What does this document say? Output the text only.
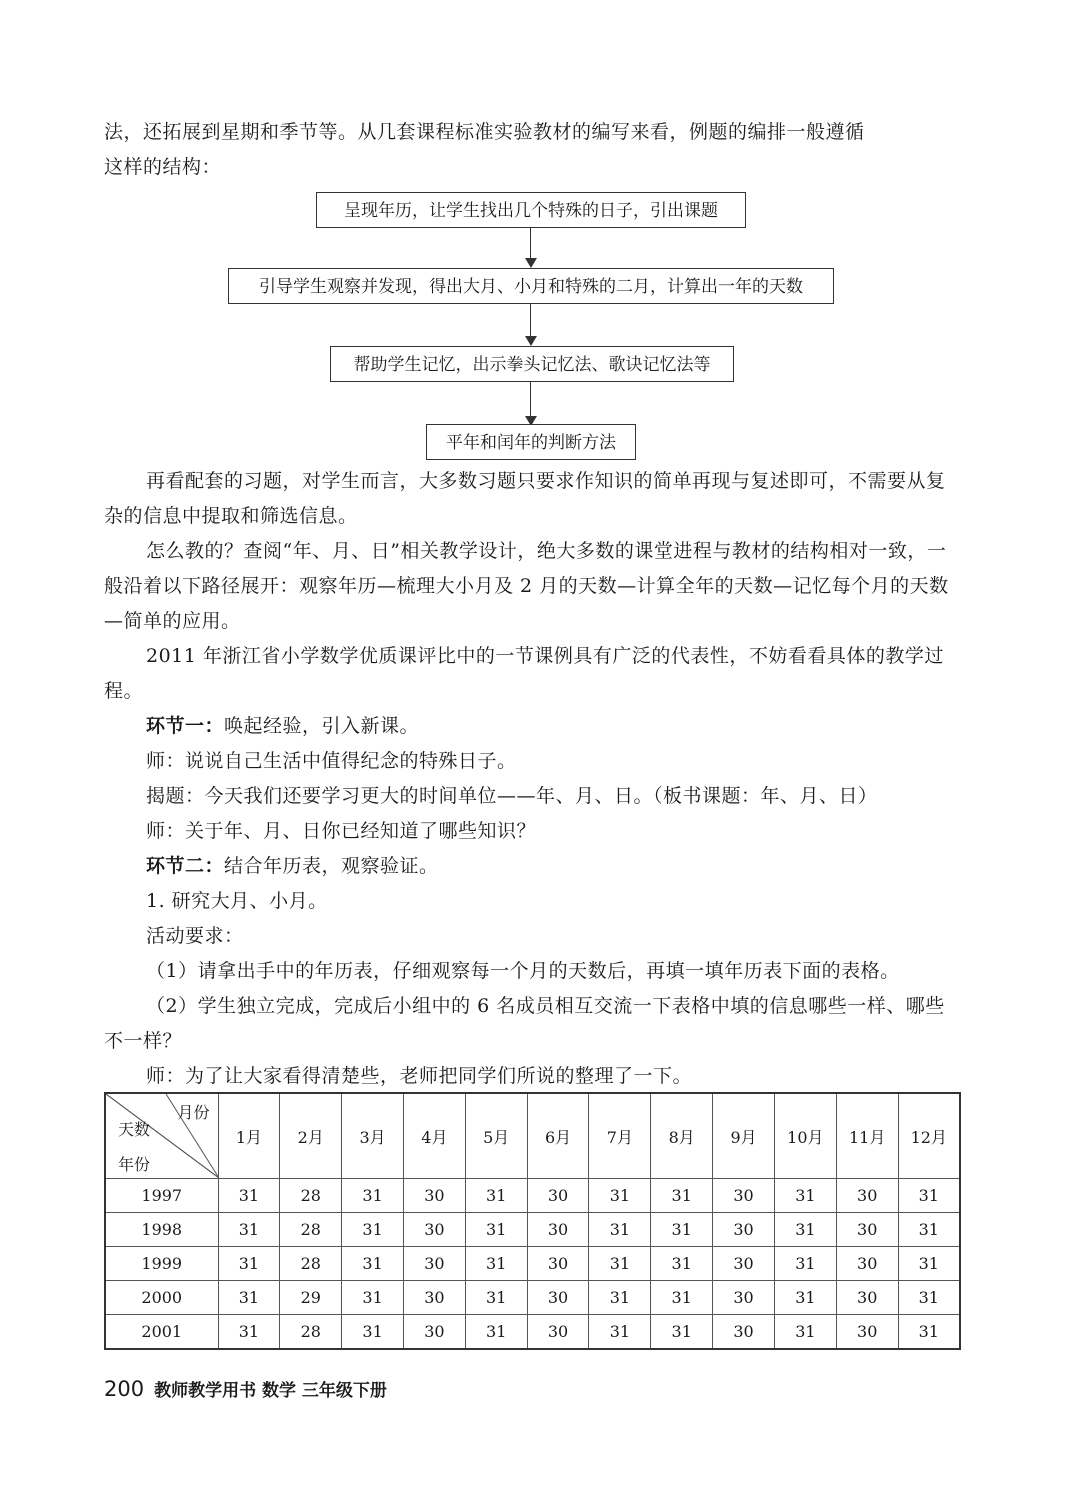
法，还拓展到星期和季节等。从几套课程标准实验教材的编写来看，例题的编排一般遵循

这样的结构：

呈现年历，让学生找出几个特殊的日子，引出课题
引导学生观察并发现，得出大月、小月和特殊的二月，计算出一年的天数
帮助学生记忆，出示拳头记忆法、歌诀记忆法等
平年和闰年的判断方法

再看配套的习题，对学生而言，大多数习题只要求作知识的简单再现与复述即可，不需要从复杂的信息中提取和筛选信息。

怎么教的？查阅“年、月、日”相关教学设计，绝大多数的课堂进程与教材的结构相对一致，一般沿着以下路径展开：观察年历—梳理大小月及 2 月的天数—计算全年的天数—记忆每个月的天数—简单的应用。

2011 年浙江省小学数学优质课评比中的一节课例具有广泛的代表性，不妨看看具体的教学过程。

环节一：唤起经验，引入新课。

师：说说自己生活中值得纪念的特殊日子。

揭题：今天我们还要学习更大的时间单位——年、月、日。（板书课题：年、月、日）

师：关于年、月、日你已经知道了哪些知识？

环节二：结合年历表，观察验证。

1. 研究大月、小月。

活动要求：

（1）请拿出手中的年历表，仔细观察每一个月的天数后，再填一填年历表下面的表格。

（2）学生独立完成，完成后小组中的 6 名成员相互交流一下表格中填的信息哪些一样、哪些不一样？

师：为了让大家看得清楚些，老师把同学们所说的整理了一下。

月份
天数
年份	1月	2月	3月	4月	5月	6月	7月	8月	9月	10月	11月	12月
1997	31	28	31	30	31	30	31	31	30	31	30	31
1998	31	28	31	30	31	30	31	31	30	31	30	31
1999	31	28	31	30	31	30	31	31	30	31	30	31
2000	31	29	31	30	31	30	31	31	30	31	30	31
2001	31	28	31	30	31	30	31	31	30	31	30	31
200 教师教学用书 数学 三年级下册
